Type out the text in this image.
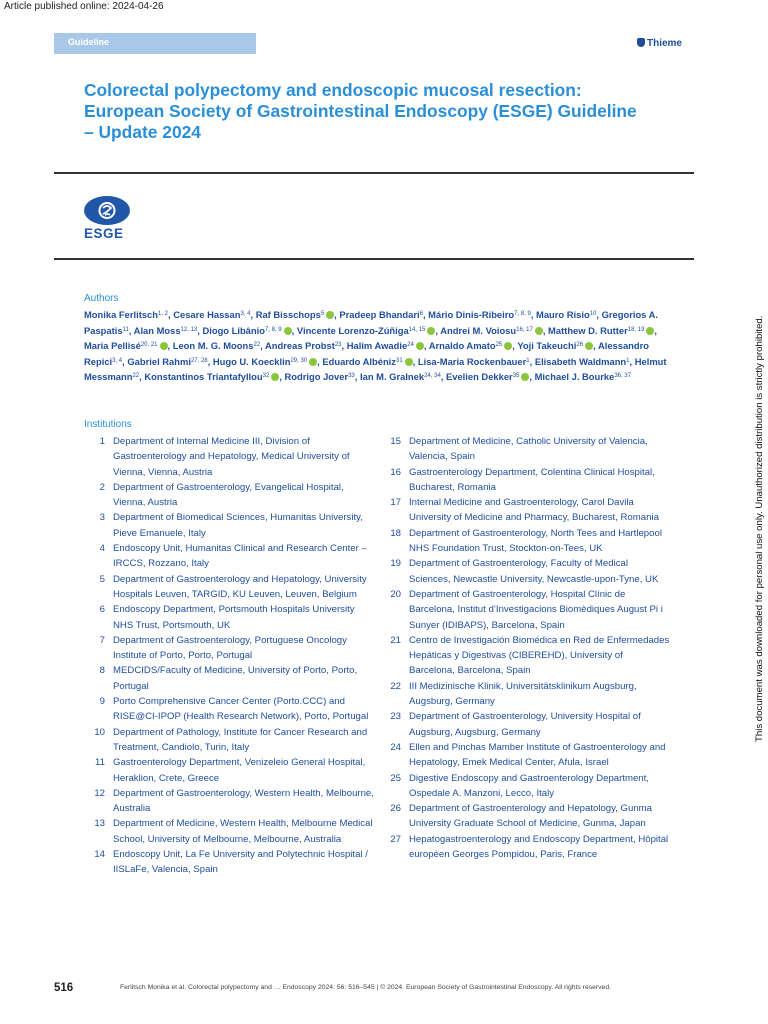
Article published online: 2024-04-26
Guideline	Thieme
Colorectal polypectomy and endoscopic mucosal resection: European Society of Gastrointestinal Endoscopy (ESGE) Guideline – Update 2024
ESGE
Authors
Monika Ferlitsch$^{1, 2}$, Cesare Hassan$^{3, 4}$, Raf Bisschops$^5$ , Pradeep Bhandari$^6$, Mário Dinis-Ribeiro$^{7, 8, 9}$, Mauro Risio$^{10}$, Gregorios A. Paspatis$^{11}$, Alan Moss$^{12, 13}$, Diogo Libânio$^{7, 8, 9}$ , Vincente Lorenzo-Zúñiga$^{14, 15}$ , Andrei M. Voiosu$^{16, 17}$ , Matthew D. Rutter$^{18, 19}$ , Maria Pellisé$^{20, 21}$ , Leon M. G. Moons$^{22}$, Andreas Probst$^{23}$, Halim Awadie$^{24}$ , Arnaldo Amato$^{25}$ , Yoji Takeuchi$^{26}$ , Alessandro Repici$^{3, 4}$, Gabriel Rahmi$^{27, 28}$, Hugo U. Koecklin$^{29, 30}$ , Eduardo Albéniz$^{31}$ , Lisa-Maria Rockenbauer$^1$, Elisabeth Waldmann$^1$, Helmut Messmann$^{22}$, Konstantinos Triantafyllou$^{32}$ , Rodrigo Jover$^{33}$, Ian M. Gralnek$^{24, 34}$, Evelien Dekker$^{35}$ , Michael J. Bourke$^{36, 37}$
Institutions
1 Department of Internal Medicine III, Division of Gastroenterology and Hepatology, Medical University of Vienna, Vienna, Austria
2 Department of Gastroenterology, Evangelical Hospital, Vienna, Austria
3 Department of Biomedical Sciences, Humanitas University, Pieve Emanuele, Italy
4 Endoscopy Unit, Humanitas Clinical and Research Center – IRCCS, Rozzano, Italy
5 Department of Gastroenterology and Hepatology, University Hospitals Leuven, TARGID, KU Leuven, Leuven, Belgium
6 Endoscopy Department, Portsmouth Hospitals University NHS Trust, Portsmouth, UK
7 Department of Gastroenterology, Portuguese Oncology Institute of Porto, Porto, Portugal
8 MEDCIDS/Faculty of Medicine, University of Porto, Porto, Portugal
9 Porto Comprehensive Cancer Center (Porto.CCC) and RISE@CI-IPOP (Health Research Network), Porto, Portugal
10 Department of Pathology, Institute for Cancer Research and Treatment, Candiolo, Turin, Italy
11 Gastroenterology Department, Venizeleio General Hospital, Heraklion, Crete, Greece
12 Department of Gastroenterology, Western Health, Melbourne, Australia
13 Department of Medicine, Western Health, Melbourne Medical School, University of Melbourne, Melbourne, Australia
14 Endoscopy Unit, La Fe University and Polytechnic Hospital / IISLaFe, Valencia, Spain
15 Department of Medicine, Catholic University of Valencia, Valencia, Spain
16 Gastroenterology Department, Colentina Clinical Hospital, Bucharest, Romania
17 Internal Medicine and Gastroenterology, Carol Davila University of Medicine and Pharmacy, Bucharest, Romania
18 Department of Gastroenterology, North Tees and Hartlepool NHS Foundation Trust, Stockton-on-Tees, UK
19 Department of Gastroenterology, Faculty of Medical Sciences, Newcastle University, Newcastle-upon-Tyne, UK
20 Department of Gastroenterology, Hospital Clínic de Barcelona, Institut d’Investigacions Biomèdiques August Pi i Sunyer (IDIBAPS), Barcelona, Spain
21 Centro de Investigación Biomédica en Red de Enfermedades Hepáticas y Digestivas (CIBEREHD), University of Barcelona, Barcelona, Spain
22 III Medizinische Klinik, Universitätsklinikum Augsburg, Augsburg, Germany
23 Department of Gastroenterology, University Hospital of Augsburg, Augsburg, Germany
24 Ellen and Pinchas Mamber Institute of Gastroenterology and Hepatology, Emek Medical Center, Afula, Israel
25 Digestive Endoscopy and Gastroenterology Department, Ospedale A. Manzoni, Lecco, Italy
26 Department of Gastroenterology and Hepatology, Gunma University Graduate School of Medicine, Gunma, Japan
27 Hepatogastroenterology and Endoscopy Department, Hôpital européen Georges Pompidou, Paris, France
This document was downloaded for personal use only. Unauthorized distribution is strictly prohibited.
516	Ferlitsch Monika et al. Colorectal polypectomy and … Endoscopy 2024; 56: 516–545 | © 2024. European Society of Gastrointestinal Endoscopy. All rights reserved.
